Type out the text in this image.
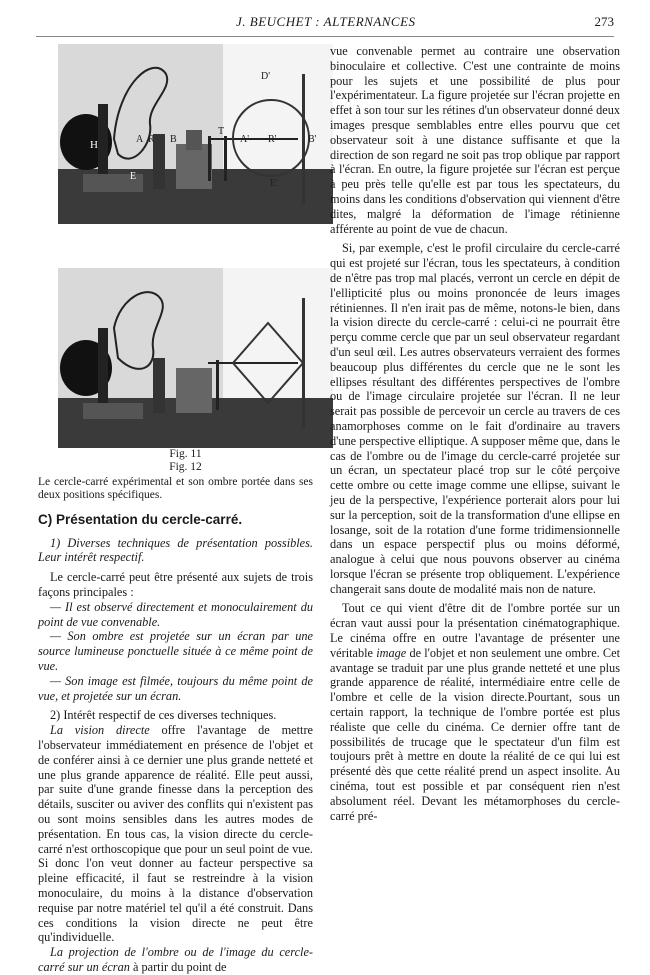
J. BEUCHET : ALTERNANCES	273
H
D'
A R B
T
A' R'	B'
E
E'
Fig. 11
Fig. 12
Le cercle-carré expérimental et son ombre portée dans ses deux positions spécifiques.
C) Présentation du cercle-carré.

1) Diverses techniques de présentation possibles. Leur intérêt respectif.

Le cercle-carré peut être présenté aux sujets de trois façons principales :

— Il est observé directement et monoculairement du point de vue convenable.

— Son ombre est projetée sur un écran par une source lumineuse ponctuelle située à ce même point de vue.

— Son image est filmée, toujours du même point de vue, et projetée sur un écran.

2) Intérêt respectif de ces diverses techniques.

La vision directe offre l'avantage de mettre l'observateur immédiatement en présence de l'objet et de conférer ainsi à ce dernier une plus grande netteté et une plus grande apparence de réalité. Elle peut aussi, par suite d'une grande finesse dans la perception des détails, susciter ou aviver des conflits qui n'existent pas ou sont moins sensibles dans les autres modes de présentation. En tous cas, la vision directe du cercle-carré n'est orthoscopique que pour un seul point de vue. Si donc l'on veut donner au facteur perspective sa pleine efficacité, il faut se restreindre à la vision monoculaire, du moins à la distance d'observation requise par notre matériel tel qu'il a été construit. Dans ces conditions la vision directe ne peut être qu'individuelle.

La projection de l'ombre ou de l'image du cercle-carré sur un écran à partir du point de

vue convenable permet au contraire une observation binoculaire et collective. C'est une contrainte de moins pour les sujets et une possibilité de plus pour l'expérimentateur. La figure projetée sur l'écran projette en effet à son tour sur les rétines d'un observateur donné deux images presque semblables entre elles pourvu que cet observateur soit à une distance suffisante et que la direction de son regard ne soit pas trop oblique par rapport à l'écran. En outre, la figure projetée sur l'écran est perçue à peu près telle qu'elle est par tous les spectateurs, du moins dans les conditions d'observation qui viennent d'être dites, malgré la déformation de l'image rétinienne afférente au point de vue de chacun.

Si, par exemple, c'est le profil circulaire du cercle-carré qui est projeté sur l'écran, tous les spectateurs, à condition de n'être pas trop mal placés, verront un cercle en dépit de l'ellipticité plus ou moins prononcée de leurs images rétiniennes. Il n'en irait pas de même, notons-le bien, dans la vision directe du cercle-carré : celui-ci ne pourrait être perçu comme cercle que par un seul observateur regardant d'un seul œil. Les autres observateurs verraient des formes beaucoup plus différentes du cercle que ne le sont les ellipses résultant des différentes perspectives de l'ombre ou de l'image circulaire projetée sur l'écran. Il ne leur serait pas possible de percevoir un cercle au travers de ces anamorphoses comme on le fait d'ordinaire au travers d'une perspective elliptique. A supposer même que, dans le cas de l'ombre ou de l'image du cercle-carré projetée sur un écran, un spectateur placé trop sur le côté perçoive cette ombre ou cette image comme une ellipse, suivant le jeu de la perspective, l'expérience porterait alors pour lui sur la perception, soit de la transformation d'une ellipse en losange, soit de la rotation d'une forme tridimensionnelle dans un espace perspectif plus ou moins déformé, analogue à celui que nous pouvons observer au cinéma lorsque l'écran se présente trop obliquement. L'expérience changerait sans doute de modalité mais non de nature.

Tout ce qui vient d'être dit de l'ombre portée sur un écran vaut aussi pour la présentation cinématographique. Le cinéma offre en outre l'avantage de présenter une véritable image de l'objet et non seulement une ombre. Cet avantage se traduit par une plus grande netteté et une plus grande apparence de réalité, intermédiaire entre celle de l'ombre et celle de la vision directe.Pourtant, sous un certain rapport, la technique de l'ombre portée est plus réaliste que celle du cinéma. Ce dernier offre tant de possibilités de trucage que le spectateur d'un film est toujours prêt à mettre en doute la réalité de ce qui lui est présenté dès que cette réalité prend un aspect insolite. Au cinéma, tout est possible et par conséquent rien n'est absolument réel. Devant les métamorphoses du cercle-carré pré-
